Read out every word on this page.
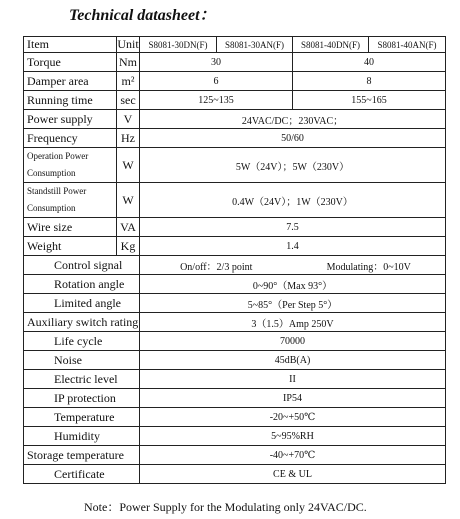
Technical datasheet：
Item	Unit	S8081-30DN(F)	S8081-30AN(F)	S8081-40DN(F)	S8081-40AN(F)
Torque	Nm	30		40	
Damper area	m²	6		8	
Running time	sec	125~135		155~165	
Power supply	V	24VAC/DC；230VAC；			
Frequency	Hz	50/60			
Operation Power Consumption	W	5W（24V）；5W（230V）			
Standstill Power Consumption	W	0.4W（24V）；1W（230V）			
Wire size	VA	7.5			
Weight	Kg	1.4			
Control signal		On/off：2/3 point Modulating：0~10V			
Rotation angle		0~90°（Max 93°）			
Limited angle		5~85°（Per Step 5°）			
Auxiliary switch rating		3（1.5）Amp 250V			
Life cycle		70000			
Noise		45dB(A)			
Electric level		II			
IP protection		IP54			
Temperature		-20~+50℃			
Humidity		5~95%RH			
Storage temperature		-40~+70℃			
Certificate		CE & UL			
Note：Power Supply for the Modulating only 24VAC/DC.
